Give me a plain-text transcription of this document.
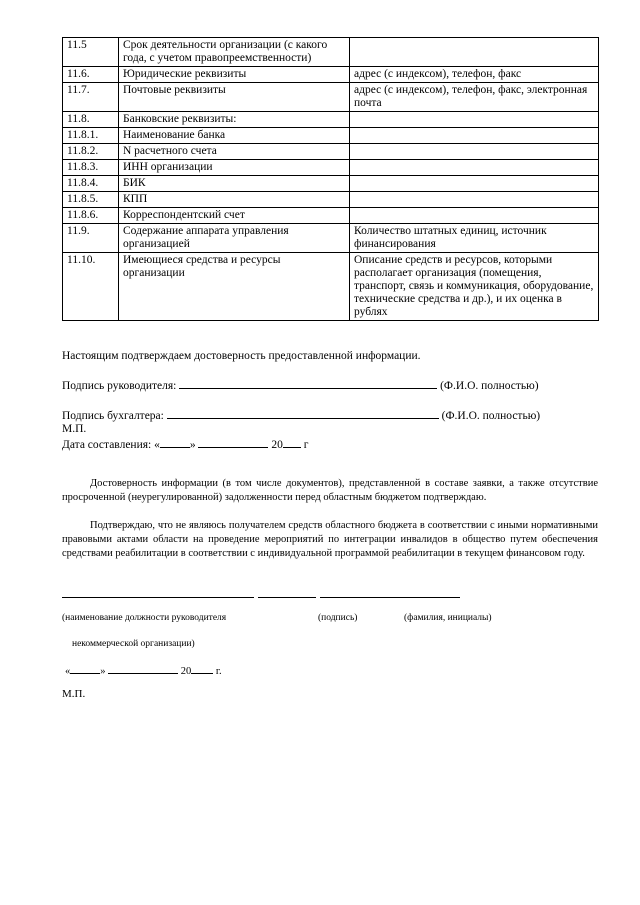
11.5	Срок деятельности организации (с какого года, с учетом правопреемственности)	
11.6.	Юридические реквизиты	адрес (с индексом), телефон, факс
11.7.	Почтовые реквизиты	адрес (с индексом), телефон, факс, электронная почта
11.8.	Банковские реквизиты:	
11.8.1.	Наименование банка	
11.8.2.	N расчетного счета	
11.8.3.	ИНН организации	
11.8.4.	БИК	
11.8.5.	КПП	
11.8.6.	Корреспондентский счет	
11.9.	Содержание аппарата управления организацией	Количество штатных единиц, источник финансирования
11.10.	Имеющиеся средства и ресурсы организации	Описание средств и ресурсов, которыми располагает организация (помещения, транспорт, связь и коммуникация, оборудование, технические средства и др.), и их оценка в рублях
Настоящим подтверждаем достоверность предоставленной информации.
Подпись руководителя:	(Ф.И.О. полностью)
Подпись бухгалтера:	(Ф.И.О. полностью)
М.П.
Дата составления: «	»	20 г
Достоверность информации (в том числе документов), представленной в составе заявки, а также отсутствие просроченной (неурегулированной) задолженности перед областным бюджетом подтверждаю.
Подтверждаю, что не являюсь получателем средств областного бюджета в соответствии с иными нормативными правовыми актами области на проведение мероприятий по интеграции инвалидов в общество путем обеспечения средствами реабилитации в соответствии с индивидуальной программой реабилитации в текущем финансовом году.
(наименование должности руководителя	(подпись)	(фамилия, инициалы)
некоммерческой организации)
«	»	20 г.
М.П.
